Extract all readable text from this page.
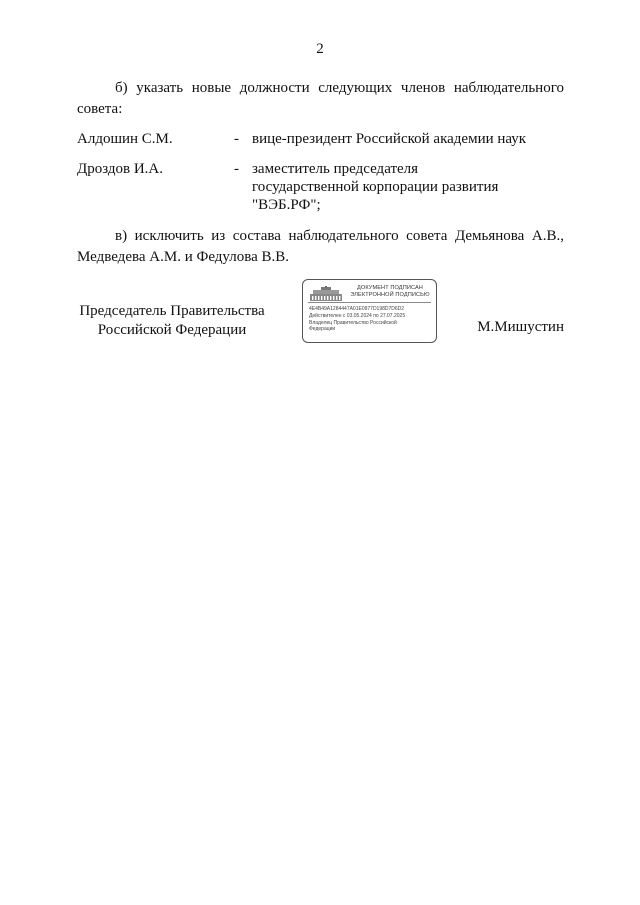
2
б) указать новые должности следующих членов наблюдательного совета:
Алдошин С.М.	- вице-президент Российской академии наук
Дроздов И.А.	- заместитель председателя
государственной корпорации развития
"ВЭБ.РФ";
в) исключить из состава наблюдательного совета Демьянова А.В., Медведева А.М. и Федулова В.В.
Председатель Правительства
Российской Федерации
ДОКУМЕНТ ПОДПИСАН
ЭЛЕКТРОННОЙ ПОДПИСЬЮ
4E4B49A1284447A01E0977D198D7D6D2
Действителен с 03.05.2024 по 27.07.2025
Владелец Правительство Российской
Федерации	М.Мишустин
